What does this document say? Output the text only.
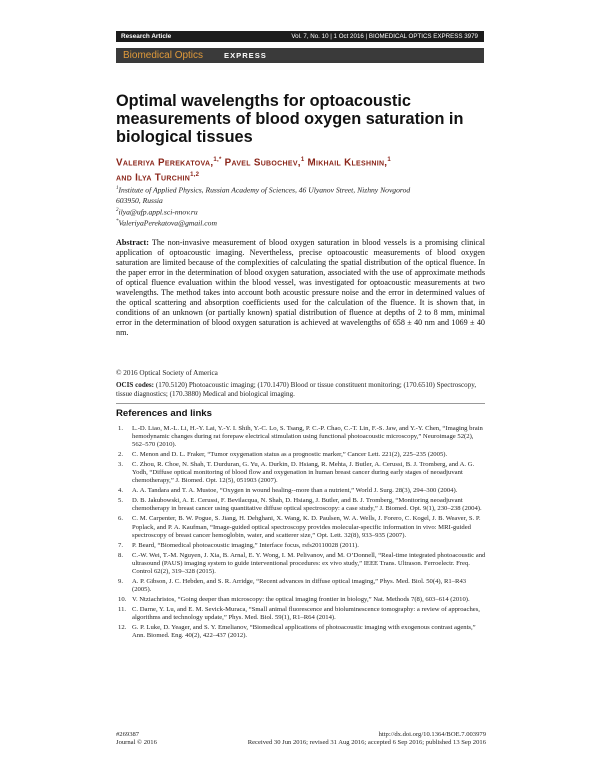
Research Article	Vol. 7, No. 10 | 1 Oct 2016 | BIOMEDICAL OPTICS EXPRESS 3979
Biomedical Optics	EXPRESS
Optimal wavelengths for optoacoustic measurements of blood oxygen saturation in biological tissues
Valeriya Perekatova,$^{1,*}$ Pavel Subochev,$^1$ Mikhail Kleshnin,$^1$
and Ilya Turchin$^{1,2}$
$^1$Institute of Applied Physics, Russian Academy of Sciences, 46 Ulyanov Street, Nizhny Novgorod
603950, Russia
$^2$ilya@ufp.appl.sci-nnov.ru
*ValeriyaPerekatova@gmail.com
Abstract: The non-invasive measurement of blood oxygen saturation in blood vessels is a promising clinical application of optoacoustic imaging. Nevertheless, precise optoacoustic measurements of blood oxygen saturation are limited because of the complexities of calculating the spatial distribution of the optical fluence. In the paper error in the determination of blood oxygen saturation, associated with the use of approximate methods of optical fluence evaluation within the blood vessel, was investigated for optoacoustic measurements at two wavelengths. The method takes into account both acoustic pressure noise and the error in determined values of the optical scattering and absorption coefficients used for the calculation of the fluence. It is shown that, in conditions of an unknown (or partially known) spatial distribution of fluence at depths of 2 to 8 mm, minimal error in the determination of blood oxygen saturation is achieved at wavelengths of 658 ± 40 nm and 1069 ± 40 nm.
© 2016 Optical Society of America
OCIS codes: (170.5120) Photoacoustic imaging; (170.1470) Blood or tissue constituent monitoring; (170.6510) Spectroscopy, tissue diagnostics; (170.3880) Medical and biological imaging.
References and links
1. L.-D. Liao, M.-L. Li, H.-Y. Lai, Y.-Y. I. Shih, Y.-C. Lo, S. Tsang, P. C.-P. Chao, C.-T. Lin, F.-S. Jaw, and Y.-Y. Chen, “Imaging brain hemodynamic changes during rat forepaw electrical stimulation using functional photoacoustic microscopy,” Neuroimage 52(2), 562–570 (2010).
2. C. Menon and D. L. Fraker, “Tumor oxygenation status as a prognostic marker,” Cancer Lett. 221(2), 225–235 (2005).
3. C. Zhou, R. Choe, N. Shah, T. Durduran, G. Yu, A. Durkin, D. Hsiang, R. Mehta, J. Butler, A. Cerussi, B. J. Tromberg, and A. G. Yodh, “Diffuse optical monitoring of blood flow and oxygenation in human breast cancer during early stages of neoadjuvant chemotherapy,” J. Biomed. Opt. 12(5), 051903 (2007).
4. A. A. Tandara and T. A. Mustoe, “Oxygen in wound healing--more than a nutrient,” World J. Surg. 28(3), 294–300 (2004).
5. D. B. Jakubowski, A. E. Cerussi, F. Bevilacqua, N. Shah, D. Hsiang, J. Butler, and B. J. Tromberg, “Monitoring neoadjuvant chemotherapy in breast cancer using quantitative diffuse optical spectroscopy: a case study,” J. Biomed. Opt. 9(1), 230–238 (2004).
6. C. M. Carpenter, B. W. Pogue, S. Jiang, H. Dehghani, X. Wang, K. D. Paulsen, W. A. Wells, J. Forero, C. Kogel, J. B. Weaver, S. P. Poplack, and P. A. Kaufman, “Image-guided optical spectroscopy provides molecular-specific information in vivo: MRI-guided spectroscopy of breast cancer hemoglobin, water, and scatterer size,” Opt. Lett. 32(8), 933–935 (2007).
7. P. Beard, “Biomedical photoacoustic imaging,” Interface focus, rsfs20110028 (2011).
8. C.-W. Wei, T.-M. Nguyen, J. Xia, B. Arnal, E. Y. Wong, I. M. Pelivanov, and M. O’Donnell, “Real-time integrated photoacoustic and ultrasound (PAUS) imaging system to guide interventional procedures: ex vivo study,” IEEE Trans. Ultrason. Ferroelectr. Freq. Control 62(2), 319–328 (2015).
9. A. P. Gibson, J. C. Hebden, and S. R. Arridge, “Recent advances in diffuse optical imaging,” Phys. Med. Biol. 50(4), R1–R43 (2005).
10. V. Ntziachristos, “Going deeper than microscopy: the optical imaging frontier in biology,” Nat. Methods 7(8), 603–614 (2010).
11. C. Darne, Y. Lu, and E. M. Sevick-Muraca, “Small animal fluorescence and bioluminescence tomography: a review of approaches, algorithms and technology update,” Phys. Med. Biol. 59(1), R1–R64 (2014).
12. G. P. Luke, D. Yeager, and S. Y. Emelianov, “Biomedical applications of photoacoustic imaging with exogenous contrast agents,” Ann. Biomed. Eng. 40(2), 422–437 (2012).
#269387	http://dx.doi.org/10.1364/BOE.7.003979
Journal © 2016	Received 30 Jun 2016; revised 31 Aug 2016; accepted 6 Sep 2016; published 13 Sep 2016
